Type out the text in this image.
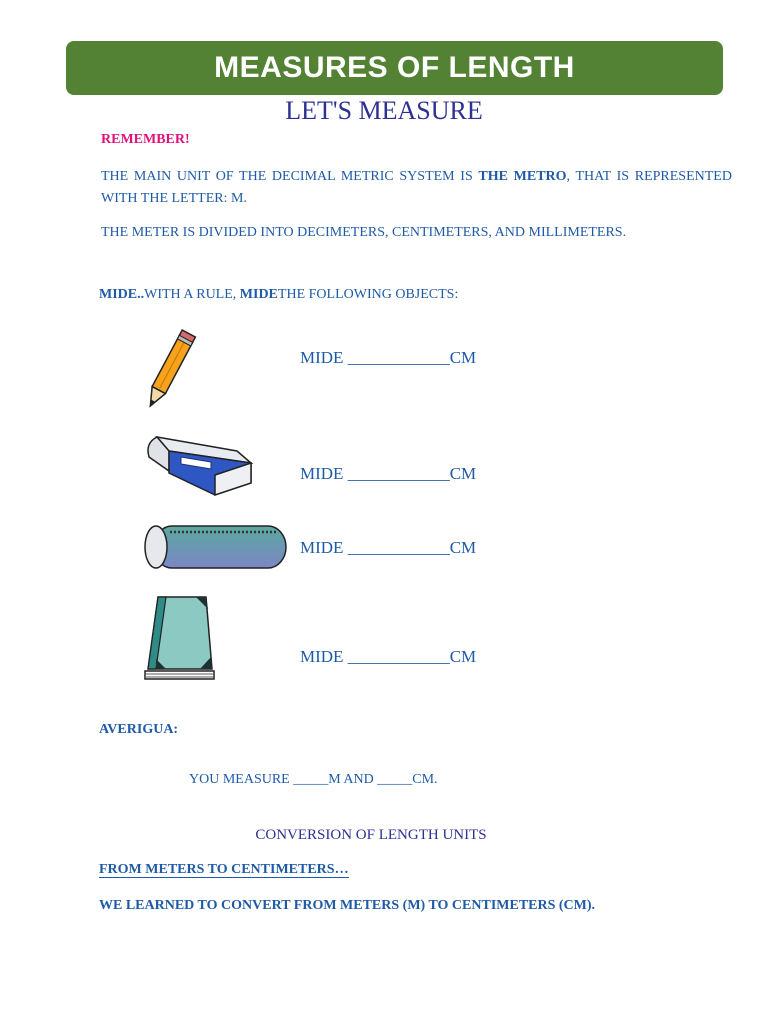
MEASURES OF LENGTH
LET'S MEASURE
REMEMBER!
THE MAIN UNIT OF THE DECIMAL METRIC SYSTEM IS THE METRO, THAT IS REPRESENTED WITH THE LETTER: M.
THE METER IS DIVIDED INTO DECIMETERS, CENTIMETERS, AND MILLIMETERS.
MIDE..WITH A RULE, MIDETHE FOLLOWING OBJECTS:
MIDE ____________CM
MIDE ____________CM
MIDE ____________CM
MIDE ____________CM
AVERIGUA:
YOU MEASURE _____M AND _____CM.
CONVERSION OF LENGTH UNITS
FROM METERS TO CENTIMETERS…
WE LEARNED TO CONVERT FROM METERS (M) TO CENTIMETERS (CM).
